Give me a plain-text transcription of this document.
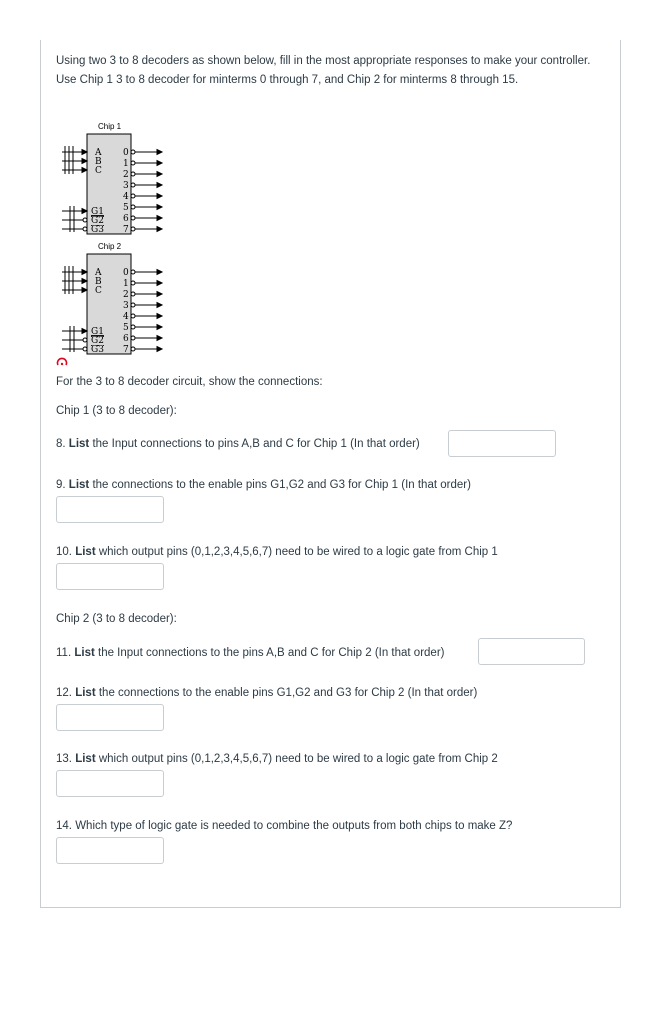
Using two 3 to 8 decoders as shown below, fill in the most appropriate responses to make your controller. Use Chip 1 3 to 8 decoder for minterms 0 through 7, and Chip 2 for minterms 8 through 15.

Chip 1
A
B
C
G1
G2
G3
0
1
2
3
4
5
6
7
Chip 2
A
B
C
G1
G2
G3
0
1
2
3
4
5
6
7

For the 3 to 8 decoder circuit, show the connections:

Chip 1 (3 to 8 decoder):

8. List the Input connections to pins A,B and C for Chip 1 (In that order)

9. List the connections to the enable pins G1,G2 and G3 for Chip 1 (In that order)

10. List which output pins (0,1,2,3,4,5,6,7) need to be wired to a logic gate from Chip 1

Chip 2 (3 to 8 decoder):

11. List the Input connections to the pins A,B and C for Chip 2 (In that order)

12. List the connections to the enable pins G1,G2 and G3 for Chip 2 (In that order)

13. List which output pins (0,1,2,3,4,5,6,7) need to be wired to a logic gate from Chip 2

14. Which type of logic gate is needed to combine the outputs from both chips to make Z?
